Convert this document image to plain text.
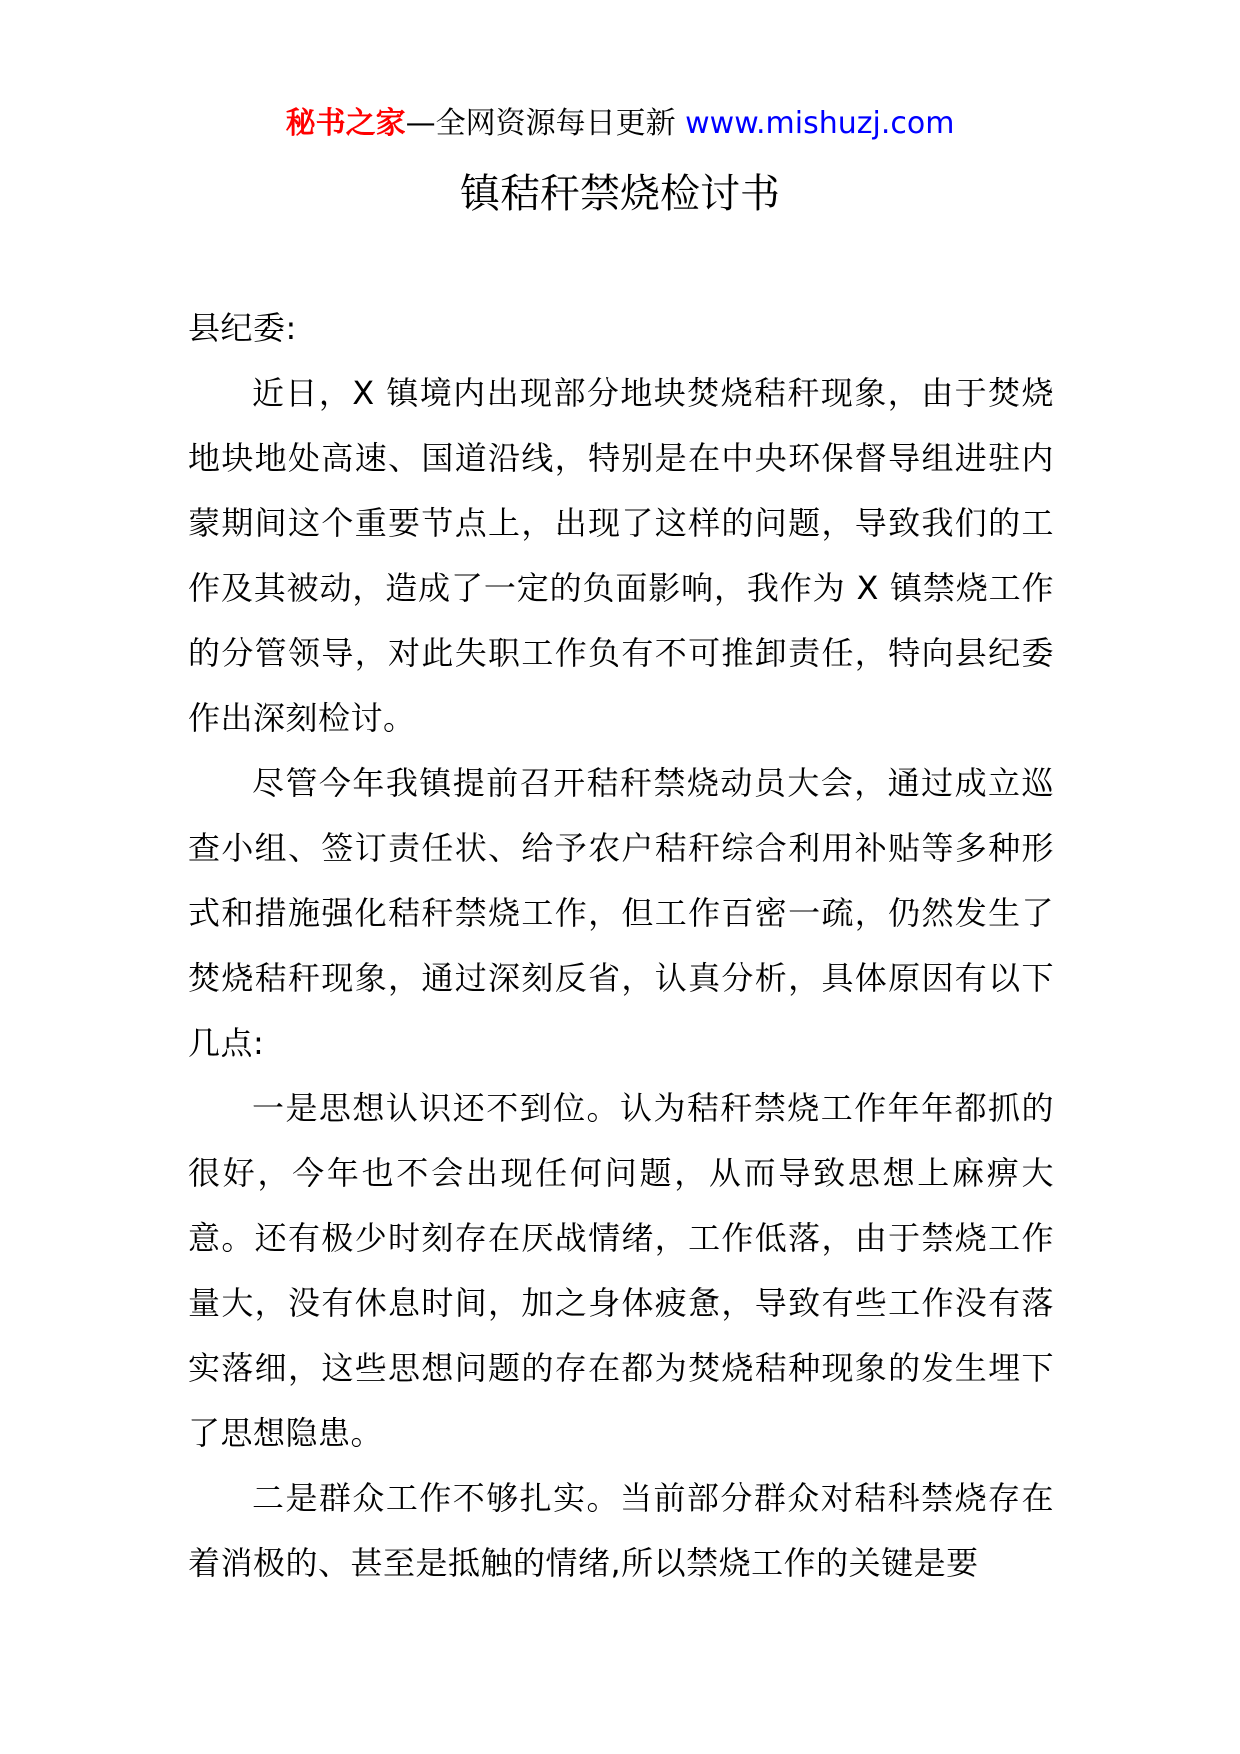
秘书之家—全网资源每日更新 www.mishuzj.com
镇秸秆禁烧检讨书

县纪委:

近日，X 镇境内出现部分地块焚烧秸秆现象，由于焚烧地块地处高速、国道沿线，特别是在中央环保督导组进驻内蒙期间这个重要节点上，出现了这样的问题，导致我们的工作及其被动，造成了一定的负面影响，我作为 X 镇禁烧工作的分管领导，对此失职工作负有不可推卸责任，特向县纪委作出深刻检讨。

尽管今年我镇提前召开秸秆禁烧动员大会，通过成立巡查小组、签订责任状、给予农户秸秆综合利用补贴等多种形式和措施强化秸秆禁烧工作，但工作百密一疏，仍然发生了焚烧秸秆现象，通过深刻反省，认真分析，具体原因有以下几点:

一是思想认识还不到位。认为秸秆禁烧工作年年都抓的很好，今年也不会出现任何问题，从而导致思想上麻痹大意。还有极少时刻存在厌战情绪，工作低落，由于禁烧工作量大，没有休息时间，加之身体疲惫，导致有些工作没有落实落细，这些思想问题的存在都为焚烧秸种现象的发生埋下了思想隐患。

二是群众工作不够扎实。当前部分群众对秸科禁烧存在着消极的、甚至是抵触的情绪,所以禁烧工作的关键是要
